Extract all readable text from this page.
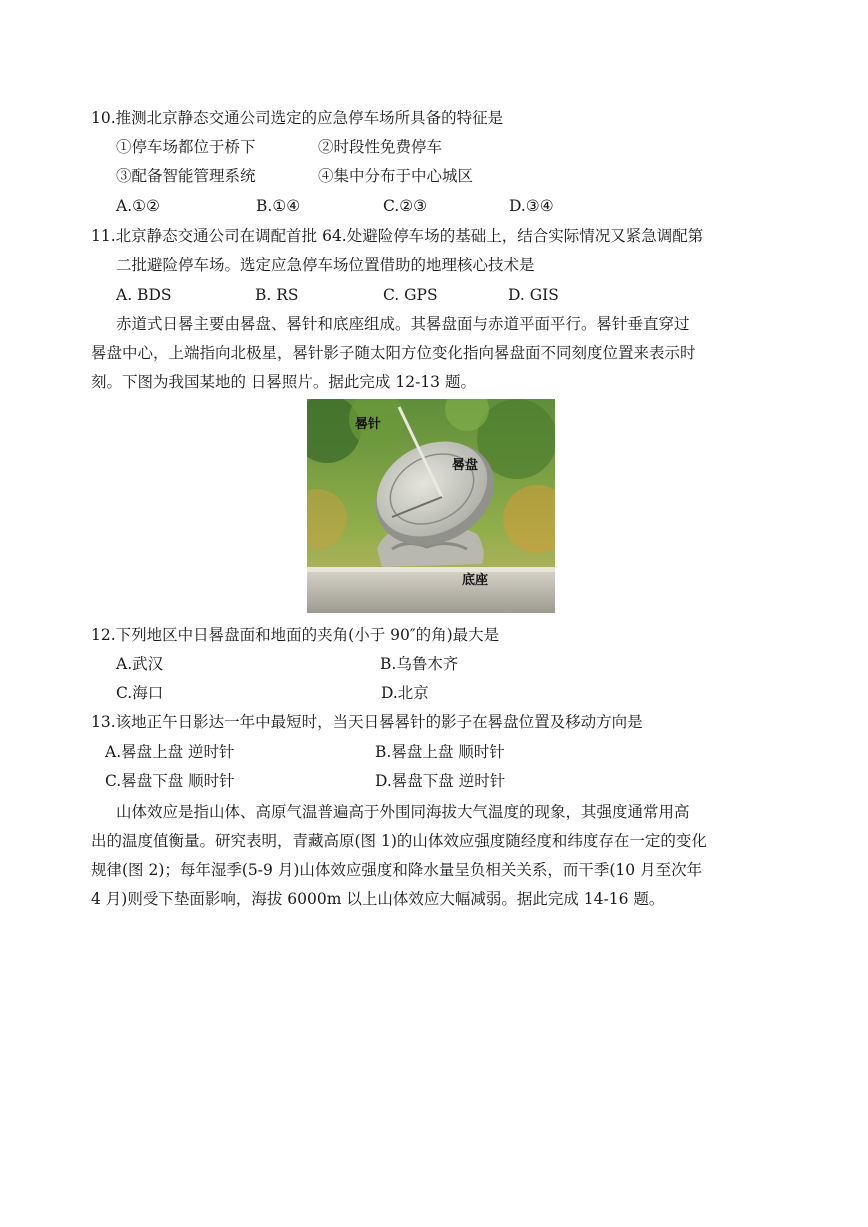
10.推测北京静态交通公司选定的应急停车场所具备的特征是
①停车场都位于桥下	②时段性免费停车
③配备智能管理系统	④集中分布于中心城区
A.①②	B.①④	C.②③	D.③④
11.北京静态交通公司在调配首批 64.处避险停车场的基础上，结合实际情况又紧急调配第
二批避险停车场。选定应急停车场位置借助的地理核心技术是
A. BDS	B. RS	C. GPS	D. GIS
赤道式日晷主要由晷盘、晷针和底座组成。其晷盘面与赤道平面平行。晷针垂直穿过
晷盘中心，上端指向北极星，晷针影子随太阳方位变化指向晷盘面不同刻度位置来表示时
刻。下图为我国某地的 日晷照片。据此完成 12-13 题。
晷针
晷盘
底座
12.下列地区中日晷盘面和地面的夹角(小于 90″的角)最大是
A.武汉	B.乌鲁木齐
C.海口	D.北京
13.该地正午日影达一年中最短时，当天日晷晷针的影子在晷盘位置及移动方向是
A.晷盘上盘 逆时针	B.晷盘上盘 顺时针
C.晷盘下盘 顺时针	D.晷盘下盘 逆时针
山体效应是指山体、高原气温普遍高于外围同海拔大气温度的现象，其强度通常用高
出的温度值衡量。研究表明，青藏高原(图 1)的山体效应强度随经度和纬度存在一定的变化
规律(图 2)；每年湿季(5-9 月)山体效应强度和降水量呈负相关关系，而干季(10 月至次年
4 月)则受下垫面影响，海拔 6000m 以上山体效应大幅减弱。据此完成 14-16 题。
